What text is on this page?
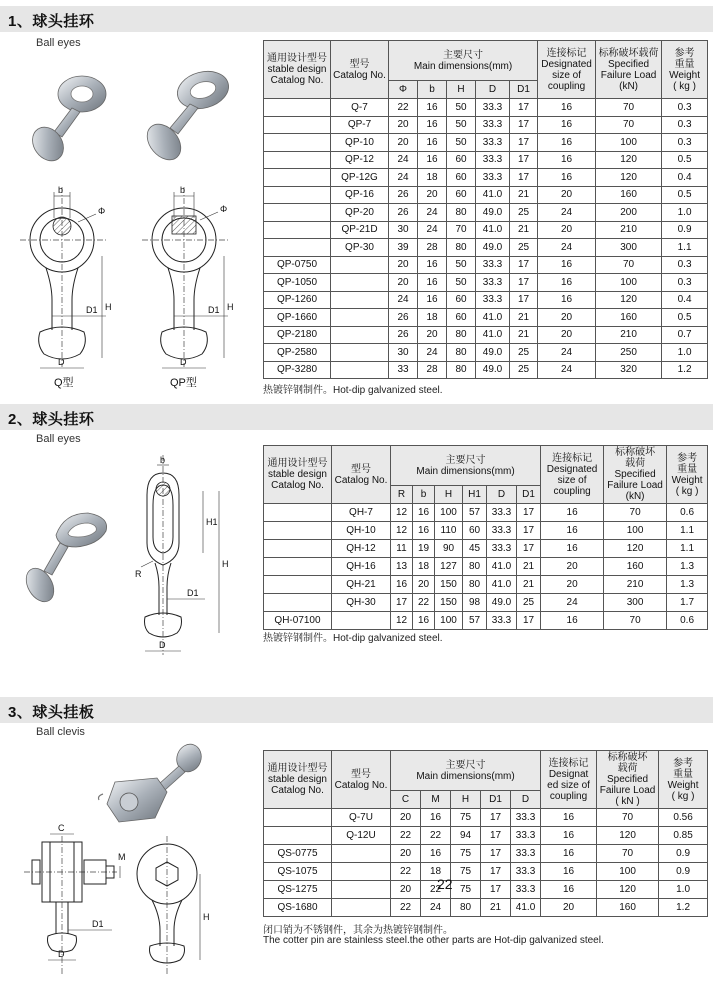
1、球头挂环
Ball eyes
b
Φ
H
D1
D
Q型
b
Φ
H
D1
D
QP型
通用设计型号
stable design
Catalog No.	型号
Catalog No.	主要尺寸
Main dimensions(mm)					连接标记
Designated
size of
coupling	标称破坏载荷
Specified
Failure Load
(kN)	参考
重量
Weight
( kg )

		Φ	b	H	D	D1			
	Q-7	22	16	50	33.3	17	16	70	0.3
	QP-7	20	16	50	33.3	17	16	70	0.3
	QP-10	20	16	50	33.3	17	16	100	0.3
	QP-12	24	16	60	33.3	17	16	120	0.5
	QP-12G	24	18	60	33.3	17	16	120	0.4
	QP-16	26	20	60	41.0	21	20	160	0.5
	QP-20	26	24	80	49.0	25	24	200	1.0
	QP-21D	30	24	70	41.0	21	20	210	0.9
	QP-30	39	28	80	49.0	25	24	300	1.1
QP-0750		20	16	50	33.3	17	16	70	0.3
QP-1050		20	16	50	33.3	17	16	100	0.3
QP-1260		24	16	60	33.3	17	16	120	0.4
QP-1660		26	18	60	41.0	21	20	160	0.5
QP-2180		26	20	80	41.0	21	20	210	0.7
QP-2580		30	24	80	49.0	25	24	250	1.0
QP-3280		33	28	80	49.0	25	24	320	1.2
热镀锌钢制件。Hot-dip galvanized steel.
2、球头挂环
Ball eyes
b
H1
H
R
D1
D
通用设计型号
stable design
Catalog No.	型号
Catalog No.	主要尺寸
Main dimensions(mm)						连接标记
Designated
size of
coupling	标称破坏
载荷
Specified
Failure Load
(kN)	参考
重量
Weight
( kg )

		R	b	H	H1	D	D1			
	QH-7	12	16	100	57	33.3	17	16	70	0.6
	QH-10	12	16	110	60	33.3	17	16	100	1.1
	QH-12	11	19	90	45	33.3	17	16	120	1.1
	QH-16	13	18	127	80	41.0	21	20	160	1.3
	QH-21	16	20	150	80	41.0	21	20	210	1.3
	QH-30	17	22	150	98	49.0	25	24	300	1.7
QH-07100		12	16	100	57	33.3	17	16	70	0.6
热镀锌钢制件。Hot-dip galvanized steel.
3、球头挂板
Ball clevis
C
M
D1
D
H
通用设计型号
stable design
Catalog No.	型号
Catalog No.	主要尺寸
Main dimensions(mm)					连接标记
Designat
ed size of
coupling	标称破坏
载荷
Specified
Failure Load
( kN )	参考
重量
Weight
( kg )

		C	M	H	D1	D			
	Q-7U	20	16	75	17	33.3	16	70	0.56
	Q-12U	22	22	94	17	33.3	16	120	0.85
QS-0775		20	16	75	17	33.3	16	70	0.9
QS-1075		22	18	75	17	33.3	16	100	0.9
QS-1275		20	22	75	17	33.3	16	120	1.0
QS-1680		22	24	80	21	41.0	20	160	1.2
22
闭口销为不锈钢件，其余为热镀锌钢制件。
The cotter pin are stainless steel.the other parts are Hot-dip galvanized steel.
